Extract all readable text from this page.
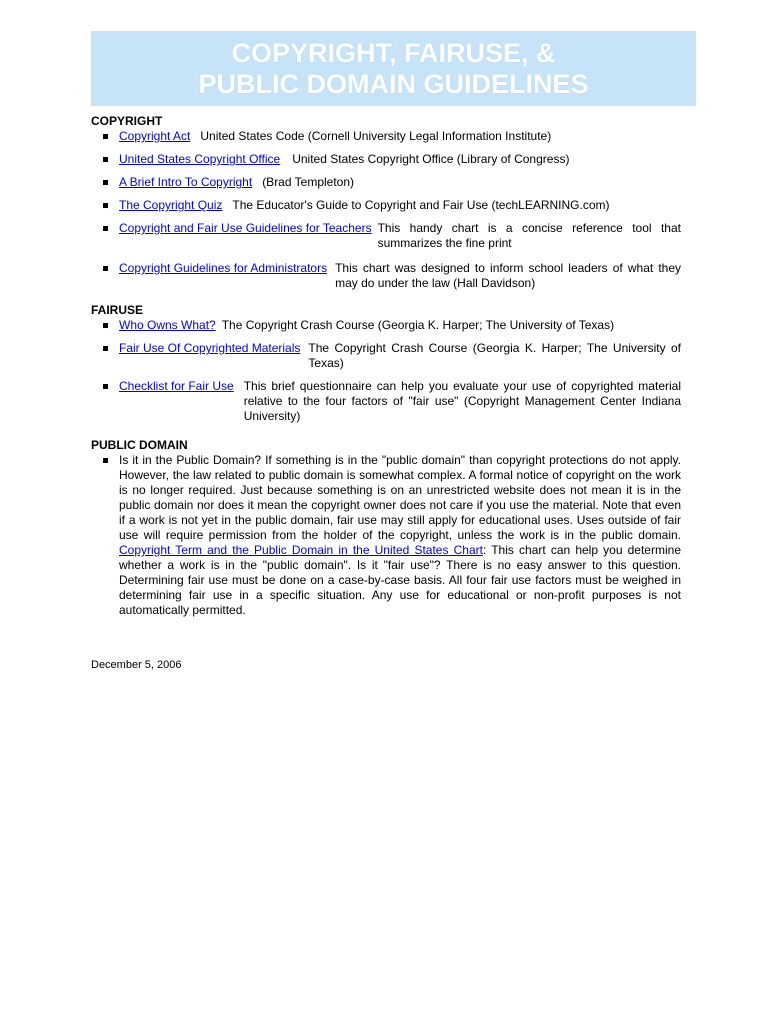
COPYRIGHT, FAIRUSE, &
PUBLIC DOMAIN GUIDELINES

COPYRIGHT

Copyright Act United States Code (Cornell University Legal Information Institute)
United States Copyright Office United States Copyright Office (Library of Congress)
A Brief Intro To Copyright (Brad Templeton)
The Copyright Quiz The Educator's Guide to Copyright and Fair Use (techLEARNING.com)
Copyright and Fair Use Guidelines for Teachers This handy chart is a concise reference tool that summarizes the fine print
Copyright Guidelines for Administrators This chart was designed to inform school leaders of what they may do under the law (Hall Davidson)

FAIRUSE

Who Owns What? The Copyright Crash Course (Georgia K. Harper; The University of Texas)
Fair Use Of Copyrighted Materials The Copyright Crash Course (Georgia K. Harper; The University of Texas)
Checklist for Fair Use This brief questionnaire can help you evaluate your use of copyrighted material relative to the four factors of "fair use" (Copyright Management Center Indiana University)

PUBLIC DOMAIN

Is it in the Public Domain? If something is in the "public domain" than copyright protections do not apply. However, the law related to public domain is somewhat complex. A formal notice of copyright on the work is no longer required. Just because something is on an unrestricted website does not mean it is in the public domain nor does it mean the copyright owner does not care if you use the material. Note that even if a work is not yet in the public domain, fair use may still apply for educational uses. Uses outside of fair use will require permission from the holder of the copyright, unless the work is in the public domain. Copyright Term and the Public Domain in the United States Chart: This chart can help you determine whether a work is in the "public domain". Is it "fair use"? There is no easy answer to this question. Determining fair use must be done on a case-by-case basis. All four fair use factors must be weighed in determining fair use in a specific situation. Any use for educational or non-profit purposes is not automatically permitted.
December 5, 2006
